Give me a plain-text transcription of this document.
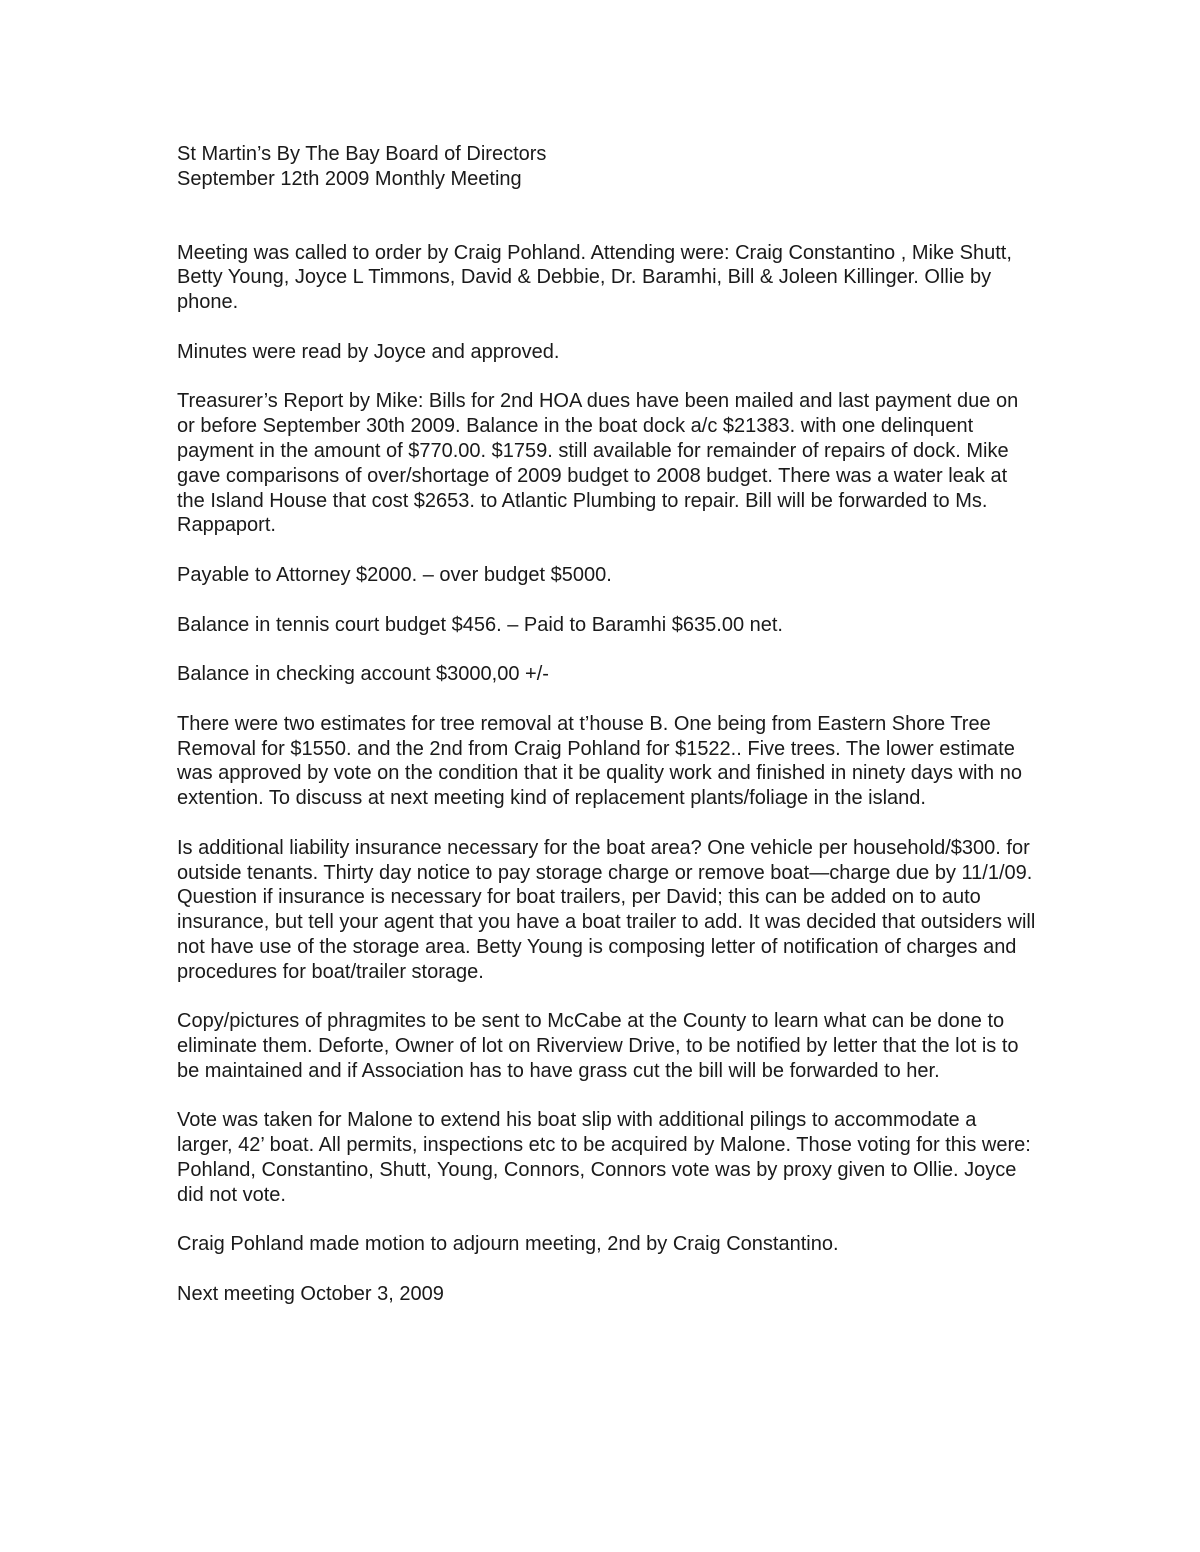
St Martin’s By The Bay Board of Directors

September 12th 2009 Monthly Meeting

Meeting was called to order by Craig Pohland. Attending were: Craig Constantino , Mike Shutt, Betty Young, Joyce L Timmons, David & Debbie, Dr. Baramhi, Bill & Joleen Killinger. Ollie by phone.

Minutes were read by Joyce and approved.

Treasurer’s Report by Mike: Bills for 2nd HOA dues have been mailed and last payment due on or before September 30th 2009. Balance in the boat dock a/c $21383. with one delinquent payment in the amount of $770.00. $1759. still available for remainder of repairs of dock. Mike gave comparisons of over/shortage of 2009 budget to 2008 budget. There was a water leak at the Island House that cost $2653. to Atlantic Plumbing to repair. Bill will be forwarded to Ms. Rappaport.

Payable to Attorney $2000. – over budget $5000.

Balance in tennis court budget $456. – Paid to Baramhi $635.00 net.

Balance in checking account $3000,00 +/-

There were two estimates for tree removal at t’house B. One being from Eastern Shore Tree Removal for $1550. and the 2nd from Craig Pohland for $1522.. Five trees. The lower estimate was approved by vote on the condition that it be quality work and finished in ninety days with no extention. To discuss at next meeting kind of replacement plants/foliage in the island.

Is additional liability insurance necessary for the boat area? One vehicle per household/$300. for outside tenants. Thirty day notice to pay storage charge or remove boat—charge due by 11/1/09. Question if insurance is necessary for boat trailers, per David; this can be added on to auto insurance, but tell your agent that you have a boat trailer to add. It was decided that outsiders will not have use of the storage area. Betty Young is composing letter of notification of charges and procedures for boat/trailer storage.

Copy/pictures of phragmites to be sent to McCabe at the County to learn what can be done to eliminate them. Deforte, Owner of lot on Riverview Drive, to be notified by letter that the lot is to be maintained and if Association has to have grass cut the bill will be forwarded to her.

Vote was taken for Malone to extend his boat slip with additional pilings to accommodate a larger, 42’ boat. All permits, inspections etc to be acquired by Malone. Those voting for this were: Pohland, Constantino, Shutt, Young, Connors, Connors vote was by proxy given to Ollie. Joyce did not vote.

Craig Pohland made motion to adjourn meeting, 2nd by Craig Constantino.

Next meeting October 3, 2009
